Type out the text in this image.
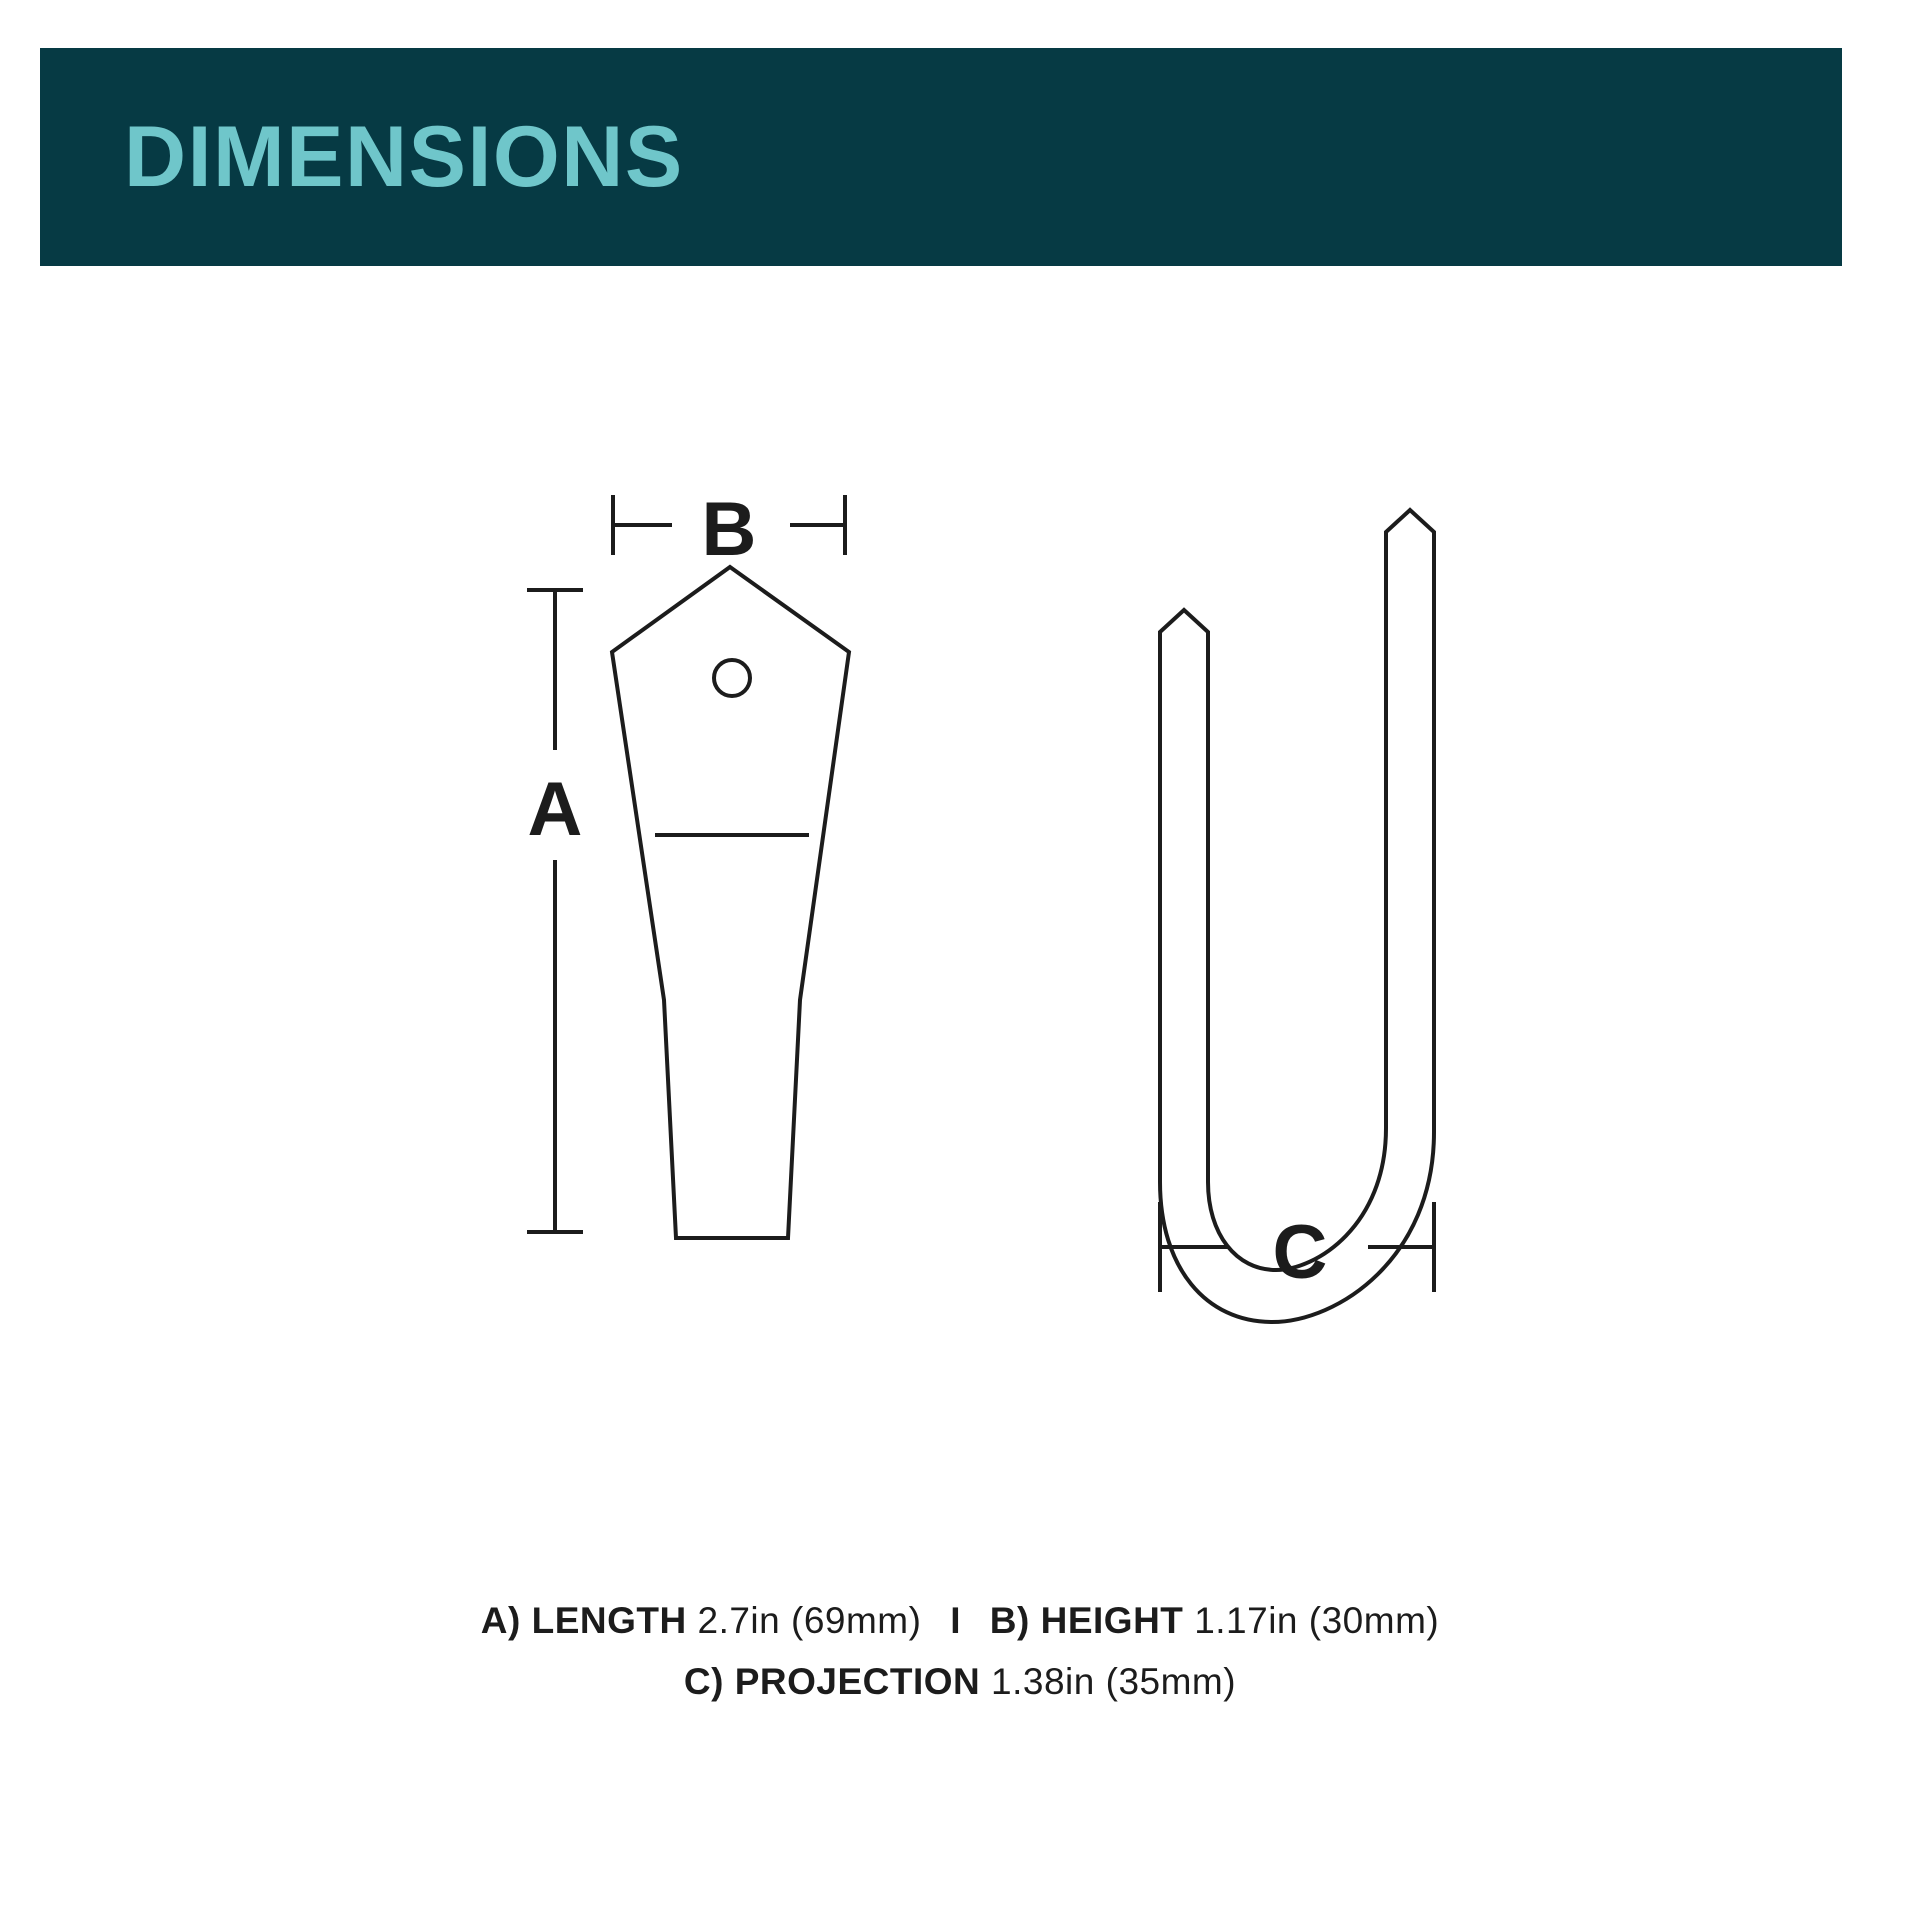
DIMENSIONS
B
A
C
A) LENGTH 2.7in (69mm) I B) HEIGHT 1.17in (30mm)
C) PROJECTION 1.38in (35mm)
